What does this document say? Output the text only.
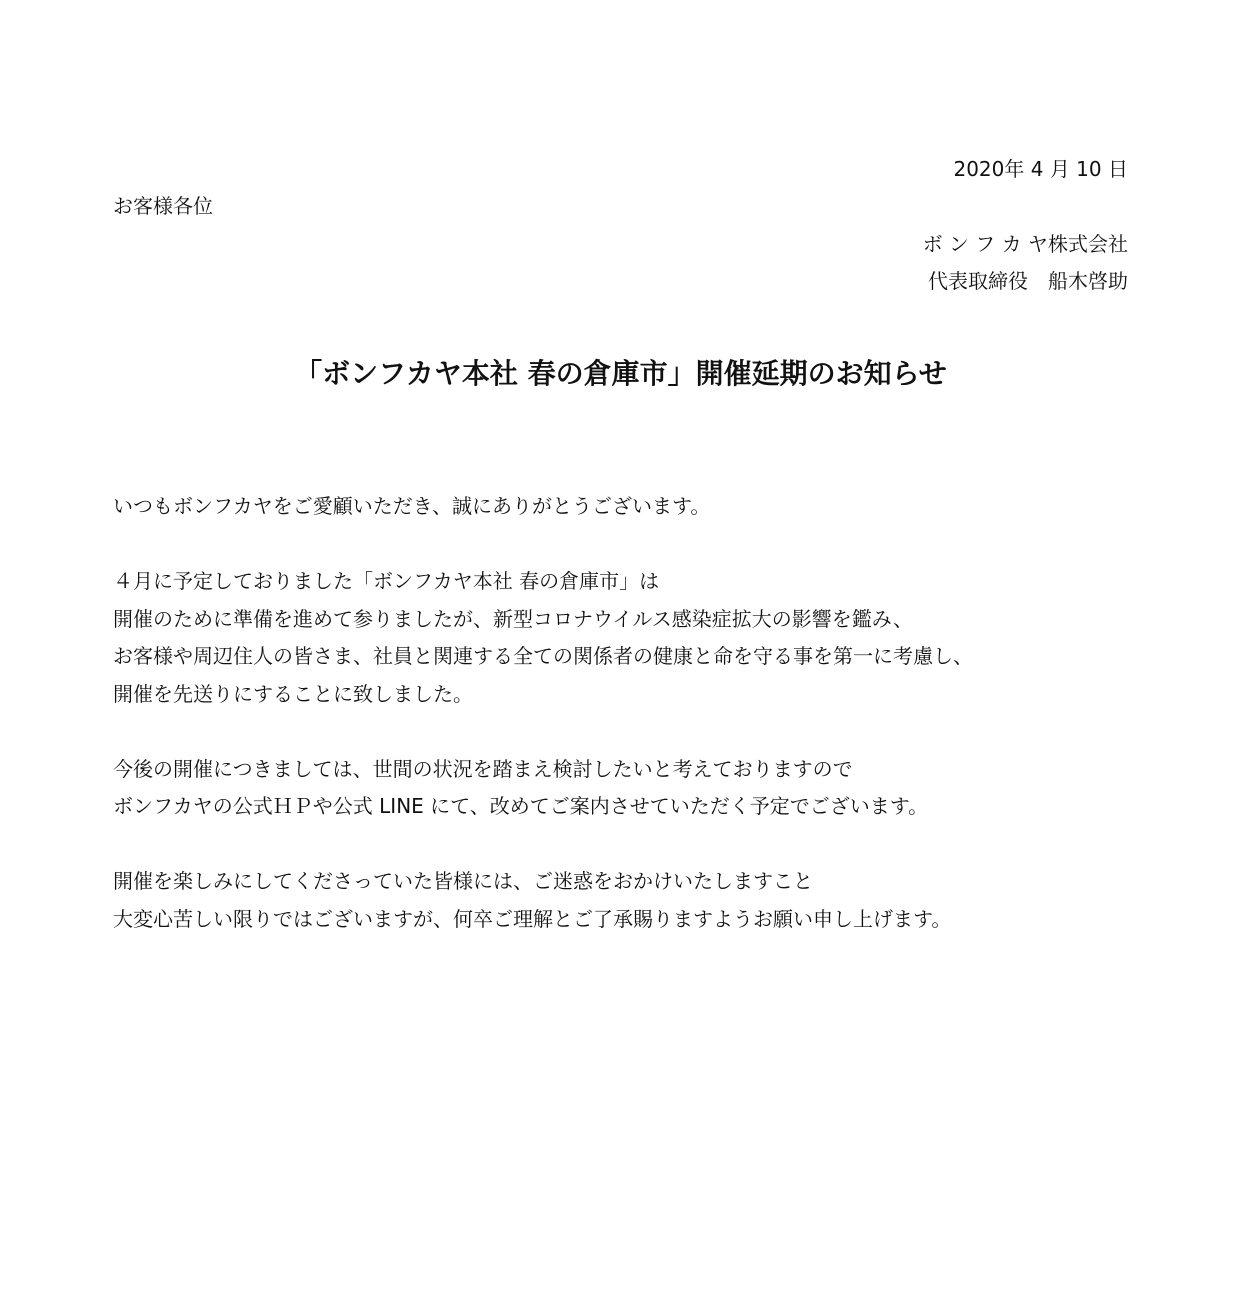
2020年 4 月 10 日
お客様各位
ボ ン フ カ ヤ株式会社
代表取締役　船木啓助
「ボンフカヤ本社 春の倉庫市」開催延期のお知らせ
いつもボンフカヤをご愛顧いただき、誠にありがとうございます。
４月に予定しておりました「ボンフカヤ本社 春の倉庫市」は
開催のために準備を進めて参りましたが、新型コロナウイルス感染症拡大の影響を鑑み、
お客様や周辺住人の皆さま、社員と関連する全ての関係者の健康と命を守る事を第一に考慮し、
開催を先送りにすることに致しました。
今後の開催につきましては、世間の状況を踏まえ検討したいと考えておりますので
ボンフカヤの公式ＨＰや公式 LINE にて、改めてご案内させていただく予定でございます。
開催を楽しみにしてくださっていた皆様には、ご迷惑をおかけいたしますこと
大変心苦しい限りではございますが、何卒ご理解とご了承賜りますようお願い申し上げます。
